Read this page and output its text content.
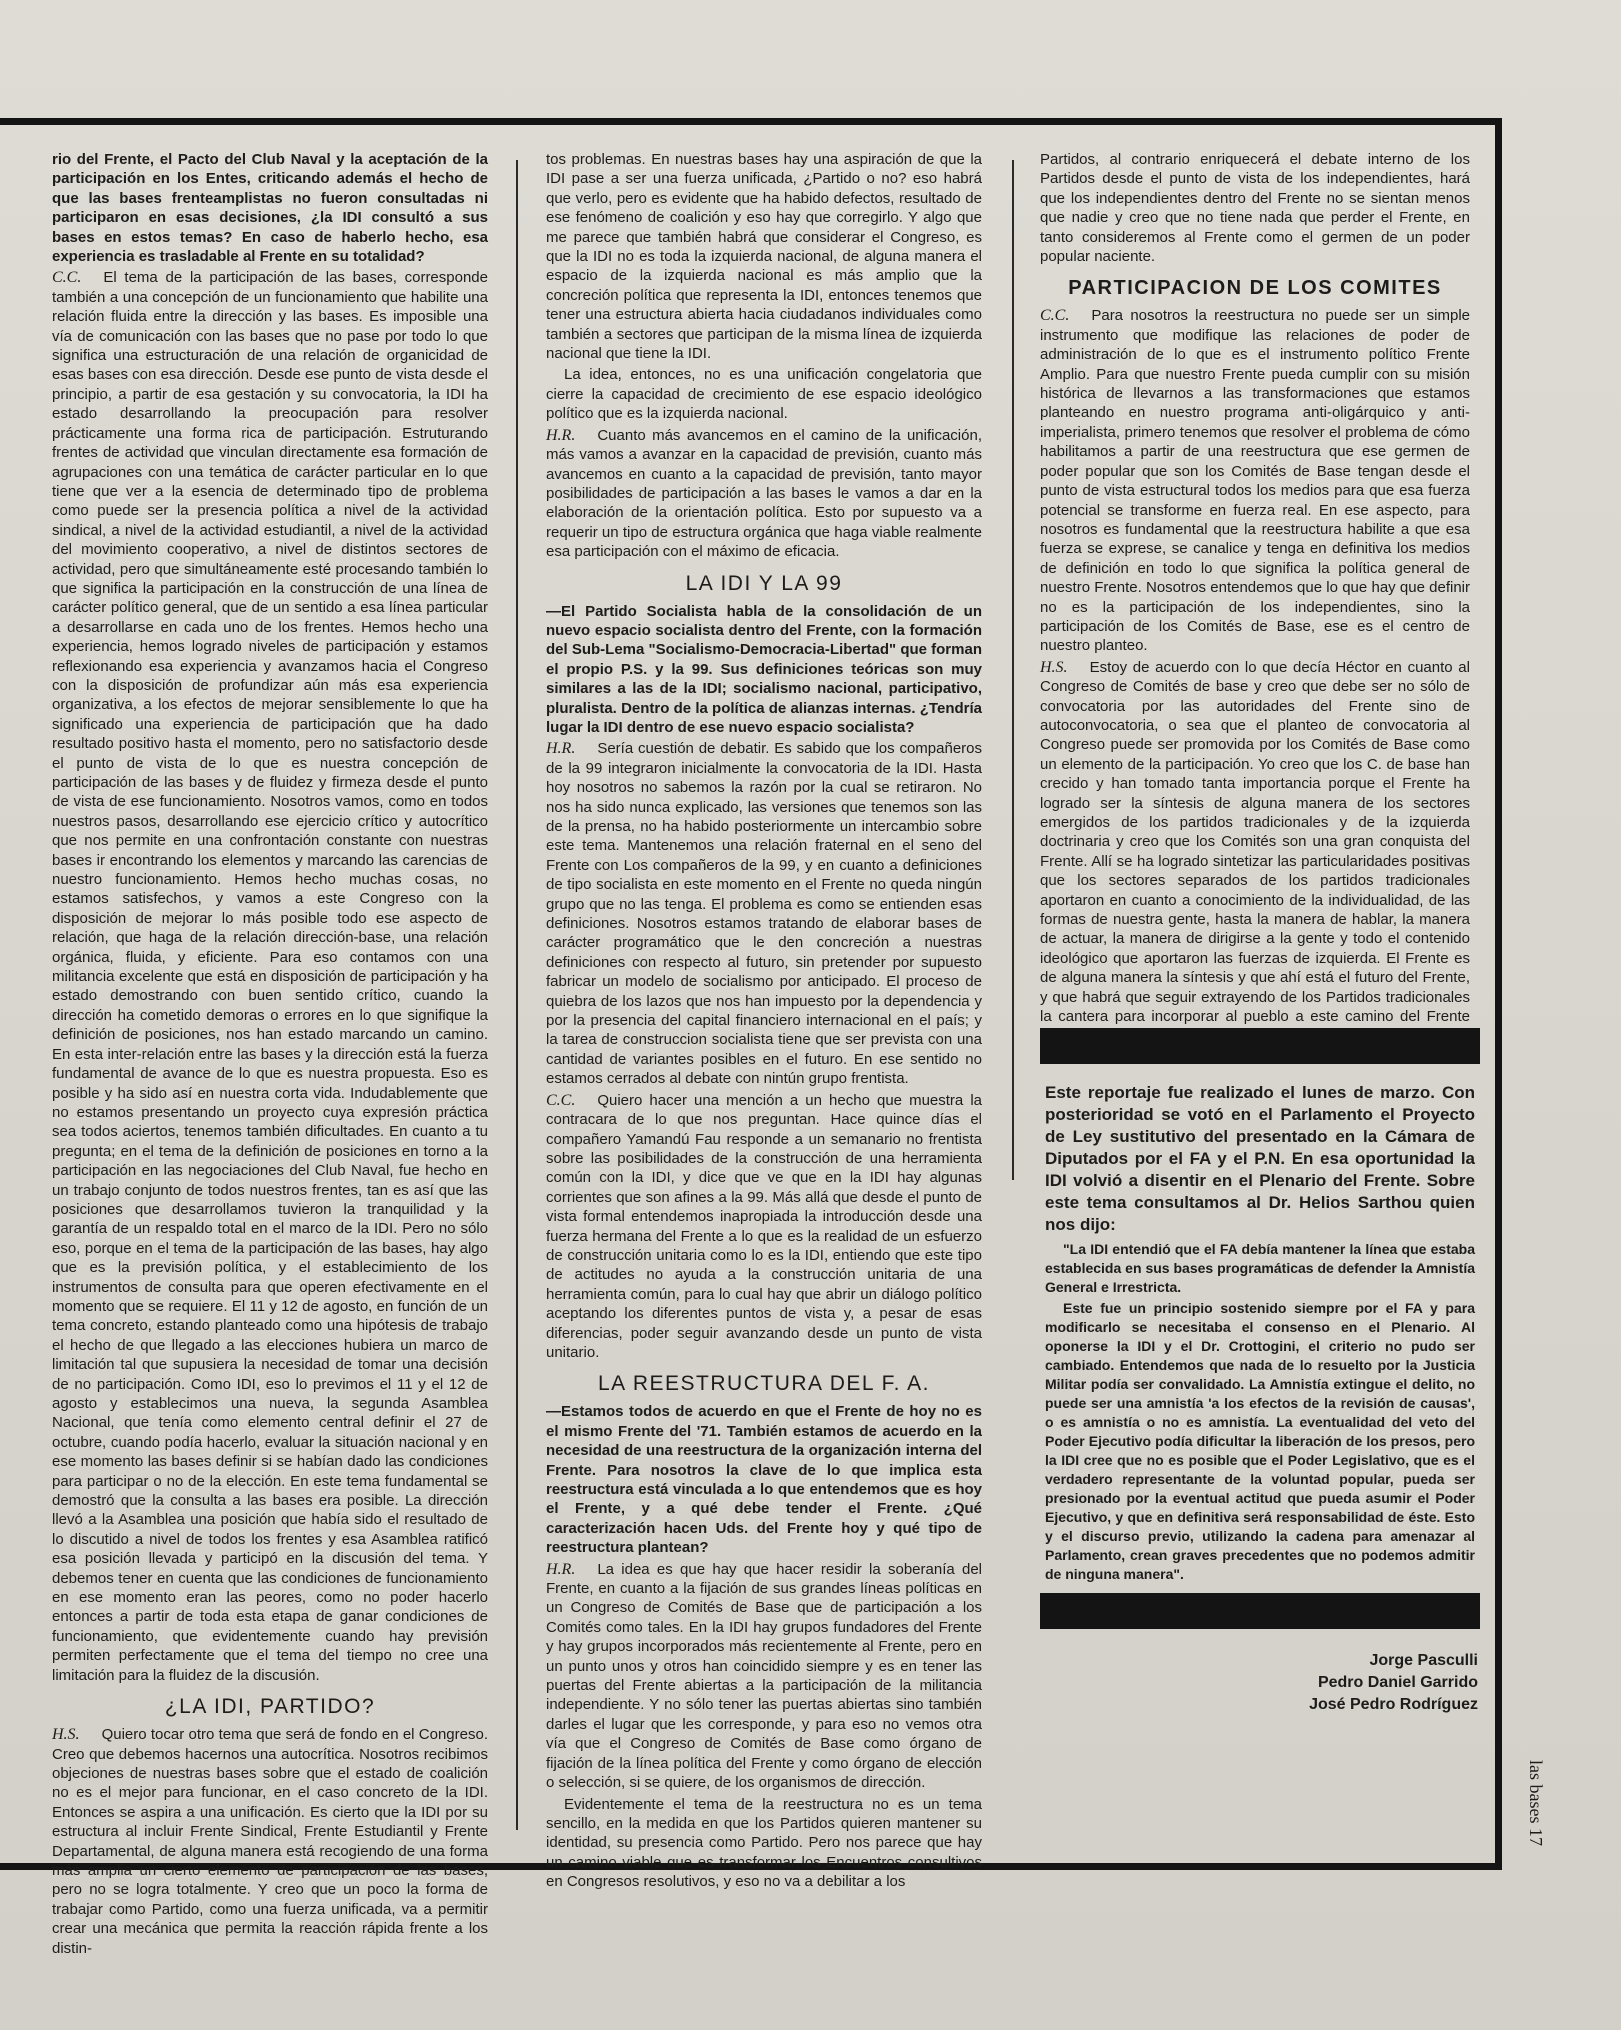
rio del Frente, el Pacto del Club Naval y la aceptación de la participación en los Entes, criticando además el hecho de que las bases frenteamplistas no fueron consultadas ni participaron en esas decisiones, ¿la IDI consultó a sus bases en estos temas? En caso de haberlo hecho, esa experiencia es trasladable al Frente en su totalidad?

C.C. El tema de la participación de las bases, corresponde también a una concepción de un funcionamiento que habilite una relación fluida entre la dirección y las bases. Es imposible una vía de comunicación con las bases que no pase por todo lo que significa una estructuración de una relación de organicidad de esas bases con esa dirección. Desde ese punto de vista desde el principio, a partir de esa gestación y su convocatoria, la IDI ha estado desarrollando la preocupación para resolver prácticamente una forma rica de participación. Estruturando frentes de actividad que vinculan directamente esa formación de agrupaciones con una temática de carácter particular en lo que tiene que ver a la esencia de determinado tipo de problema como puede ser la presencia política a nivel de la actividad sindical, a nivel de la actividad estudiantil, a nivel de la actividad del movimiento cooperativo, a nivel de distintos sectores de actividad, pero que simultáneamente esté procesando también lo que significa la participación en la construcción de una línea de carácter político general, que de un sentido a esa línea particular a desarrollarse en cada uno de los frentes. Hemos hecho una experiencia, hemos logrado niveles de participación y estamos reflexionando esa experiencia y avanzamos hacia el Congreso con la disposición de profundizar aún más esa experiencia organizativa, a los efectos de mejorar sensiblemente lo que ha significado una experiencia de participación que ha dado resultado positivo hasta el momento, pero no satisfactorio desde el punto de vista de lo que es nuestra concepción de participación de las bases y de fluidez y firmeza desde el punto de vista de ese funcionamiento. Nosotros vamos, como en todos nuestros pasos, desarrollando ese ejercicio crítico y autocrítico que nos permite en una confrontación constante con nuestras bases ir encontrando los elementos y marcando las carencias de nuestro funcionamiento. Hemos hecho muchas cosas, no estamos satisfechos, y vamos a este Congreso con la disposición de mejorar lo más posible todo ese aspecto de relación, que haga de la relación dirección-base, una relación orgánica, fluida, y eficiente. Para eso contamos con una militancia excelente que está en disposición de participación y ha estado demostrando con buen sentido crítico, cuando la dirección ha cometido demoras o errores en lo que signifique la definición de posiciones, nos han estado marcando un camino. En esta inter-relación entre las bases y la dirección está la fuerza fundamental de avance de lo que es nuestra propuesta. Eso es posible y ha sido así en nuestra corta vida. Indudablemente que no estamos presentando un proyecto cuya expresión práctica sea todos aciertos, tenemos también dificultades. En cuanto a tu pregunta; en el tema de la definición de posiciones en torno a la participación en las negociaciones del Club Naval, fue hecho en un trabajo conjunto de todos nuestros frentes, tan es así que las posiciones que desarrollamos tuvieron la tranquilidad y la garantía de un respaldo total en el marco de la IDI. Pero no sólo eso, porque en el tema de la participación de las bases, hay algo que es la previsión política, y el establecimiento de los instrumentos de consulta para que operen efectivamente en el momento que se requiere. El 11 y 12 de agosto, en función de un tema concreto, estando planteado como una hipótesis de trabajo el hecho de que llegado a las elecciones hubiera un marco de limitación tal que supusiera la necesidad de tomar una decisión de no participación. Como IDI, eso lo previmos el 11 y el 12 de agosto y establecimos una nueva, la segunda Asamblea Nacional, que tenía como elemento central definir el 27 de octubre, cuando podía hacerlo, evaluar la situación nacional y en ese momento las bases definir si se habían dado las condiciones para participar o no de la elección. En este tema fundamental se demostró que la consulta a las bases era posible. La dirección llevó a la Asamblea una posición que había sido el resultado de lo discutido a nivel de todos los frentes y esa Asamblea ratificó esa posición llevada y participó en la discusión del tema. Y debemos tener en cuenta que las condiciones de funcionamiento en ese momento eran las peores, como no poder hacerlo entonces a partir de toda esta etapa de ganar condiciones de funcionamiento, que evidentemente cuando hay previsión permiten perfectamente que el tema del tiempo no cree una limitación para la fluidez de la discusión.

¿LA IDI, PARTIDO?

H.S. Quiero tocar otro tema que será de fondo en el Congreso. Creo que debemos hacernos una autocrítica. Nosotros recibimos objeciones de nuestras bases sobre que el estado de coalición no es el mejor para funcionar, en el caso concreto de la IDI. Entonces se aspira a una unificación. Es cierto que la IDI por su estructura al incluir Frente Sindical, Frente Estudiantil y Frente Departamental, de alguna manera está recogiendo de una forma más amplia un cierto elemento de participación de las bases, pero no se logra totalmente. Y creo que un poco la forma de trabajar como Partido, como una fuerza unificada, va a permitir crear una mecánica que permita la reacción rápida frente a los distin-

tos problemas. En nuestras bases hay una aspiración de que la IDI pase a ser una fuerza unificada, ¿Partido o no? eso habrá que verlo, pero es evidente que ha habido defectos, resultado de ese fenómeno de coalición y eso hay que corregirlo. Y algo que me parece que también habrá que considerar el Congreso, es que la IDI no es toda la izquierda nacional, de alguna manera el espacio de la izquierda nacional es más amplio que la concreción política que representa la IDI, entonces tenemos que tener una estructura abierta hacia ciudadanos individuales como también a sectores que participan de la misma línea de izquierda nacional que tiene la IDI.

La idea, entonces, no es una unificación congelatoria que cierre la capacidad de crecimiento de ese espacio ideológico político que es la izquierda nacional.

H.R. Cuanto más avancemos en el camino de la unificación, más vamos a avanzar en la capacidad de previsión, cuanto más avancemos en cuanto a la capacidad de previsión, tanto mayor posibilidades de participación a las bases le vamos a dar en la elaboración de la orientación política. Esto por supuesto va a requerir un tipo de estructura orgánica que haga viable realmente esa participación con el máximo de eficacia.

LA IDI Y LA 99

—El Partido Socialista habla de la consolidación de un nuevo espacio socialista dentro del Frente, con la formación del Sub-Lema "Socialismo-Democracia-Libertad" que forman el propio P.S. y la 99. Sus definiciones teóricas son muy similares a las de la IDI; socialismo nacional, participativo, pluralista. Dentro de la política de alianzas internas. ¿Tendría lugar la IDI dentro de ese nuevo espacio socialista?

H.R. Sería cuestión de debatir. Es sabido que los compañeros de la 99 integraron inicialmente la convocatoria de la IDI. Hasta hoy nosotros no sabemos la razón por la cual se retiraron. No nos ha sido nunca explicado, las versiones que tenemos son las de la prensa, no ha habido posteriormente un intercambio sobre este tema. Mantenemos una relación fraternal en el seno del Frente con Los compañeros de la 99, y en cuanto a definiciones de tipo socialista en este momento en el Frente no queda ningún grupo que no las tenga. El problema es como se entienden esas definiciones. Nosotros estamos tratando de elaborar bases de carácter programático que le den concreción a nuestras definiciones con respecto al futuro, sin pretender por supuesto fabricar un modelo de socialismo por anticipado. El proceso de quiebra de los lazos que nos han impuesto por la dependencia y por la presencia del capital financiero internacional en el país; y la tarea de construccion socialista tiene que ser prevista con una cantidad de variantes posibles en el futuro. En ese sentido no estamos cerrados al debate con nintún grupo frentista.

C.C. Quiero hacer una mención a un hecho que muestra la contracara de lo que nos preguntan. Hace quince días el compañero Yamandú Fau responde a un semanario no frentista sobre las posibilidades de la construcción de una herramienta común con la IDI, y dice que ve que en la IDI hay algunas corrientes que son afines a la 99. Más allá que desde el punto de vista formal entendemos inapropiada la introducción desde una fuerza hermana del Frente a lo que es la realidad de un esfuerzo de construcción unitaria como lo es la IDI, entiendo que este tipo de actitudes no ayuda a la construcción unitaria de una herramienta común, para lo cual hay que abrir un diálogo político aceptando los diferentes puntos de vista y, a pesar de esas diferencias, poder seguir avanzando desde un punto de vista unitario.

LA REESTRUCTURA DEL F. A.

—Estamos todos de acuerdo en que el Frente de hoy no es el mismo Frente del '71. También estamos de acuerdo en la necesidad de una reestructura de la organización interna del Frente. Para nosotros la clave de lo que implica esta reestructura está vinculada a lo que entendemos que es hoy el Frente, y a qué debe tender el Frente. ¿Qué caracterización hacen Uds. del Frente hoy y qué tipo de reestructura plantean?

H.R. La idea es que hay que hacer residir la soberanía del Frente, en cuanto a la fijación de sus grandes líneas políticas en un Congreso de Comités de Base que de participación a los Comités como tales. En la IDI hay grupos fundadores del Frente y hay grupos incorporados más recientemente al Frente, pero en un punto unos y otros han coincidido siempre y es en tener las puertas del Frente abiertas a la participación de la militancia independiente. Y no sólo tener las puertas abiertas sino también darles el lugar que les corresponde, y para eso no vemos otra vía que el Congreso de Comités de Base como órgano de fijación de la línea política del Frente y como órgano de elección o selección, si se quiere, de los organismos de dirección.

Evidentemente el tema de la reestructura no es un tema sencillo, en la medida en que los Partidos quieren mantener su identidad, su presencia como Partido. Pero nos parece que hay un camino viable que es transformar los Encuentros consultivos en Congresos resolutivos, y eso no va a debilitar a los

Partidos, al contrario enriquecerá el debate interno de los Partidos desde el punto de vista de los independientes, hará que los independientes dentro del Frente no se sientan menos que nadie y creo que no tiene nada que perder el Frente, en tanto consideremos al Frente como el germen de un poder popular naciente.

PARTICIPACION DE LOS COMITES

C.C. Para nosotros la reestructura no puede ser un simple instrumento que modifique las relaciones de poder de administración de lo que es el instrumento político Frente Amplio. Para que nuestro Frente pueda cumplir con su misión histórica de llevarnos a las transformaciones que estamos planteando en nuestro programa anti-oligárquico y anti-imperialista, primero tenemos que resolver el problema de cómo habilitamos a partir de una reestructura que ese germen de poder popular que son los Comités de Base tengan desde el punto de vista estructural todos los medios para que esa fuerza potencial se transforme en fuerza real. En ese aspecto, para nosotros es fundamental que la reestructura habilite a que esa fuerza se exprese, se canalice y tenga en definitiva los medios de definición en todo lo que significa la política general de nuestro Frente. Nosotros entendemos que lo que hay que definir no es la participación de los independientes, sino la participación de los Comités de Base, ese es el centro de nuestro planteo.

H.S. Estoy de acuerdo con lo que decía Héctor en cuanto al Congreso de Comités de base y creo que debe ser no sólo de convocatoria por las autoridades del Frente sino de autoconvocatoria, o sea que el planteo de convocatoria al Congreso puede ser promovida por los Comités de Base como un elemento de la participación. Yo creo que los C. de base han crecido y han tomado tanta importancia porque el Frente ha logrado ser la síntesis de alguna manera de los sectores emergidos de los partidos tradicionales y de la izquierda doctrinaria y creo que los Comités son una gran conquista del Frente. Allí se ha logrado sintetizar las particularidades positivas que los sectores separados de los partidos tradicionales aportaron en cuanto a conocimiento de la individualidad, de las formas de nuestra gente, hasta la manera de hablar, la manera de actuar, la manera de dirigirse a la gente y todo el contenido ideológico que aportaron las fuerzas de izquierda. El Frente es de alguna manera la síntesis y que ahí está el futuro del Frente, y que habrá que seguir extrayendo de los Partidos tradicionales la cantera para incorporar al pueblo a este camino del Frente

Este reportaje fue realizado el lunes de marzo. Con posterioridad se votó en el Parlamento el Proyecto de Ley sustitutivo del presentado en la Cámara de Diputados por el FA y el P.N. En esa oportunidad la IDI volvió a disentir en el Plenario del Frente. Sobre este tema consultamos al Dr. Helios Sarthou quien nos dijo:

"La IDI entendió que el FA debía mantener la línea que estaba establecida en sus bases programáticas de defender la Amnistía General e Irrestricta.

Este fue un principio sostenido siempre por el FA y para modificarlo se necesitaba el consenso en el Plenario. Al oponerse la IDI y el Dr. Crottogini, el criterio no pudo ser cambiado. Entendemos que nada de lo resuelto por la Justicia Militar podía ser convalidado. La Amnistía extingue el delito, no puede ser una amnistía 'a los efectos de la revisión de causas', o es amnistía o no es amnistía. La eventualidad del veto del Poder Ejecutivo podía dificultar la liberación de los presos, pero la IDI cree que no es posible que el Poder Legislativo, que es el verdadero representante de la voluntad popular, pueda ser presionado por la eventual actitud que pueda asumir el Poder Ejecutivo, y que en definitiva será responsabilidad de éste. Esto y el discurso previo, utilizando la cadena para amenazar al Parlamento, crean graves precedentes que no podemos admitir de ninguna manera".

Jorge Pasculli
Pedro Daniel Garrido
José Pedro Rodríguez
las bases 17
